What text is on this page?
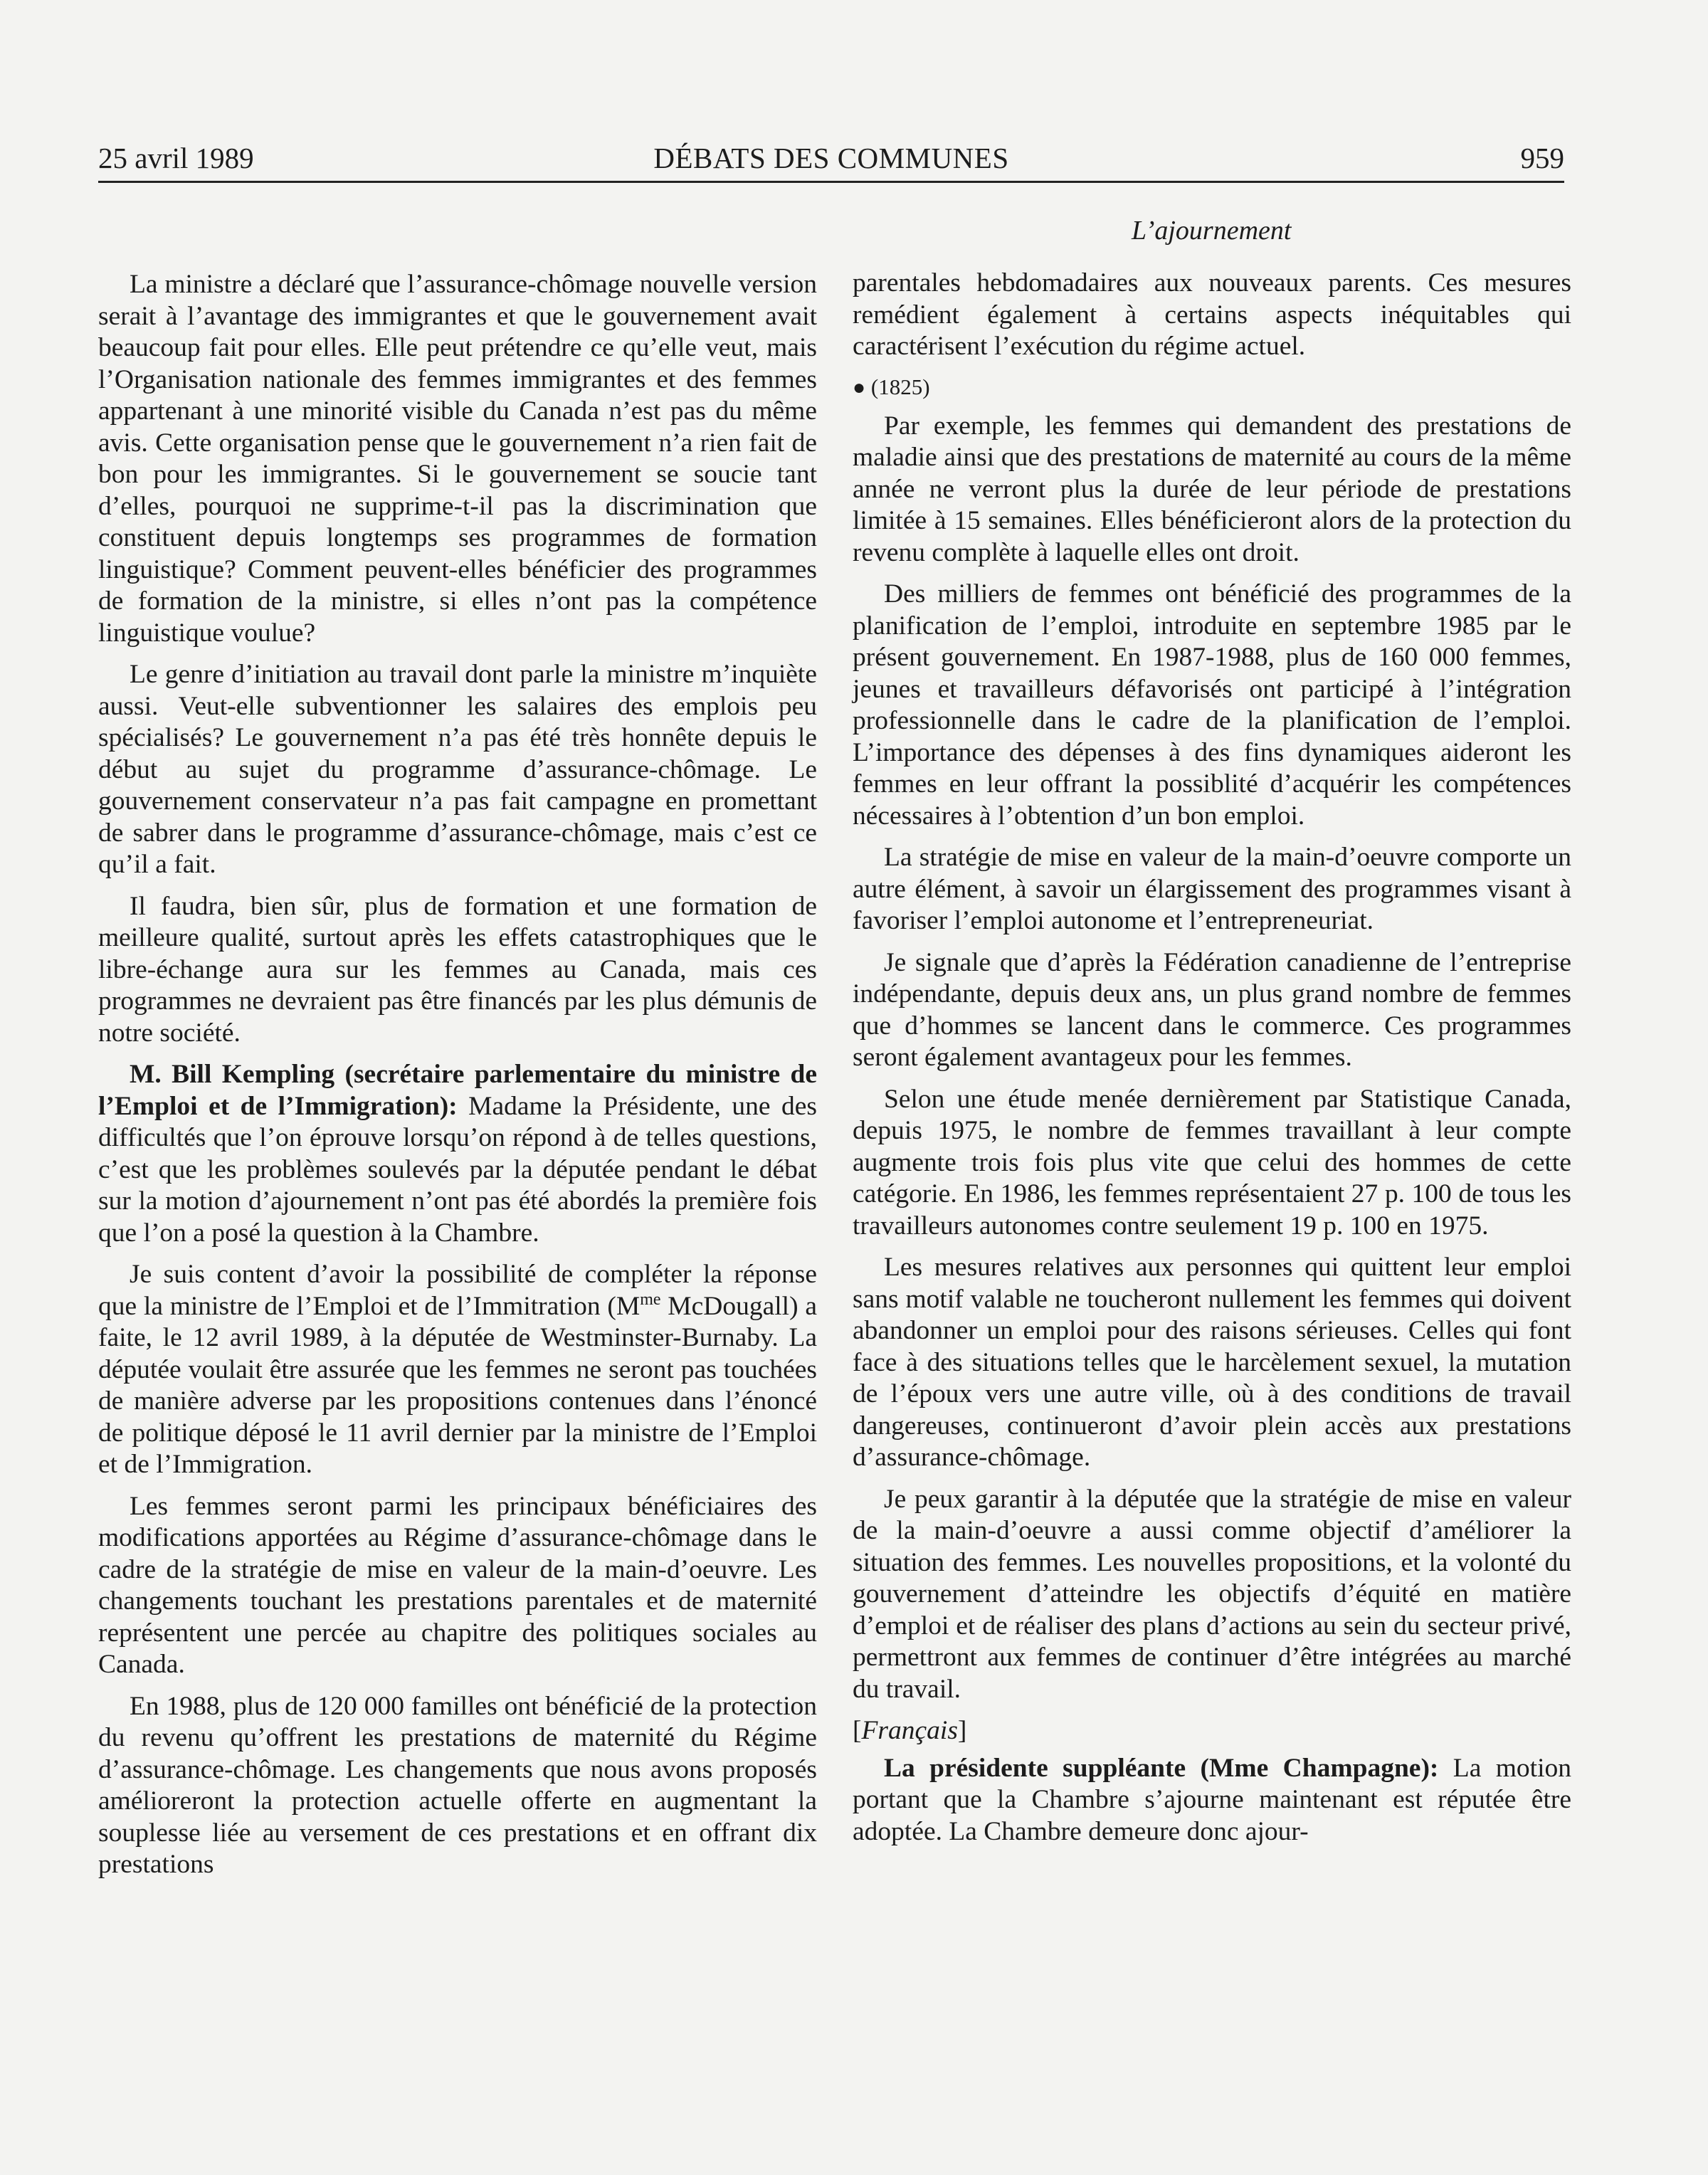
25 avril 1989	DÉBATS DES COMMUNES	959
L’ajournement

La ministre a déclaré que l’assurance-chômage nouvelle version serait à l’avantage des immigrantes et que le gouvernement avait beaucoup fait pour elles. Elle peut prétendre ce qu’elle veut, mais l’Organisation nationale des femmes immigrantes et des femmes appartenant à une minorité visible du Canada n’est pas du même avis. Cette organisation pense que le gouvernement n’a rien fait de bon pour les immigrantes. Si le gouvernement se soucie tant d’elles, pourquoi ne supprime-t-il pas la discrimination que constituent depuis longtemps ses programmes de formation linguistique? Comment peuvent-elles bénéficier des programmes de formation de la ministre, si elles n’ont pas la compétence linguistique voulue?

Le genre d’initiation au travail dont parle la ministre m’inquiète aussi. Veut-elle subventionner les salaires des emplois peu spécialisés? Le gouvernement n’a pas été très honnête depuis le début au sujet du programme d’assurance-chômage. Le gouvernement conservateur n’a pas fait campagne en promettant de sabrer dans le programme d’assurance-chômage, mais c’est ce qu’il a fait.

Il faudra, bien sûr, plus de formation et une formation de meilleure qualité, surtout après les effets catastrophiques que le libre-échange aura sur les femmes au Canada, mais ces programmes ne devraient pas être financés par les plus démunis de notre société.

M. Bill Kempling (secrétaire parlementaire du ministre de l’Emploi et de l’Immigration): Madame la Présidente, une des difficultés que l’on éprouve lorsqu’on répond à de telles questions, c’est que les problèmes soulevés par la députée pendant le débat sur la motion d’ajournement n’ont pas été abordés la première fois que l’on a posé la question à la Chambre.

Je suis content d’avoir la possibilité de compléter la réponse que la ministre de l’Emploi et de l’Immitration ($M^{me}$ McDougall) a faite, le 12 avril 1989, à la députée de Westminster-Burnaby. La députée voulait être assurée que les femmes ne seront pas touchées de manière adverse par les propositions contenues dans l’énoncé de politique déposé le 11 avril dernier par la ministre de l’Emploi et de l’Immigration.

Les femmes seront parmi les principaux bénéficiaires des modifications apportées au Régime d’assurance-chômage dans le cadre de la stratégie de mise en valeur de la main-d’oeuvre. Les changements touchant les prestations parentales et de maternité représentent une percée au chapitre des politiques sociales au Canada.

En 1988, plus de 120 000 familles ont bénéficié de la protection du revenu qu’offrent les prestations de maternité du Régime d’assurance-chômage. Les changements que nous avons proposés amélioreront la protection actuelle offerte en augmentant la souplesse liée au versement de ces prestations et en offrant dix prestations

parentales hebdomadaires aux nouveaux parents. Ces mesures remédient également à certains aspects inéquitables qui caractérisent l’exécution du régime actuel.

● (1825)

Par exemple, les femmes qui demandent des prestations de maladie ainsi que des prestations de maternité au cours de la même année ne verront plus la durée de leur période de prestations limitée à 15 semaines. Elles bénéficieront alors de la protection du revenu complète à laquelle elles ont droit.

Des milliers de femmes ont bénéficié des programmes de la planification de l’emploi, introduite en septembre 1985 par le présent gouvernement. En 1987-1988, plus de 160 000 femmes, jeunes et travailleurs défavorisés ont participé à l’intégration professionnelle dans le cadre de la planification de l’emploi. L’importance des dépenses à des fins dynamiques aideront les femmes en leur offrant la possiblité d’acquérir les compétences nécessaires à l’obtention d’un bon emploi.

La stratégie de mise en valeur de la main-d’oeuvre comporte un autre élément, à savoir un élargissement des programmes visant à favoriser l’emploi autonome et l’entrepreneuriat.

Je signale que d’après la Fédération canadienne de l’entreprise indépendante, depuis deux ans, un plus grand nombre de femmes que d’hommes se lancent dans le commerce. Ces programmes seront également avantageux pour les femmes.

Selon une étude menée dernièrement par Statistique Canada, depuis 1975, le nombre de femmes travaillant à leur compte augmente trois fois plus vite que celui des hommes de cette catégorie. En 1986, les femmes représentaient 27 p. 100 de tous les travailleurs autonomes contre seulement 19 p. 100 en 1975.

Les mesures relatives aux personnes qui quittent leur emploi sans motif valable ne toucheront nullement les femmes qui doivent abandonner un emploi pour des raisons sérieuses. Celles qui font face à des situations telles que le harcèlement sexuel, la mutation de l’époux vers une autre ville, où à des conditions de travail dangereuses, continueront d’avoir plein accès aux prestations d’assurance-chômage.

Je peux garantir à la députée que la stratégie de mise en valeur de la main-d’oeuvre a aussi comme objectif d’améliorer la situation des femmes. Les nouvelles propositions, et la volonté du gouvernement d’atteindre les objectifs d’équité en matière d’emploi et de réaliser des plans d’actions au sein du secteur privé, permettront aux femmes de continuer d’être intégrées au marché du travail.

[Français]

La présidente suppléante (Mme Champagne): La motion portant que la Chambre s’ajourne maintenant est réputée être adoptée. La Chambre demeure donc ajour-
